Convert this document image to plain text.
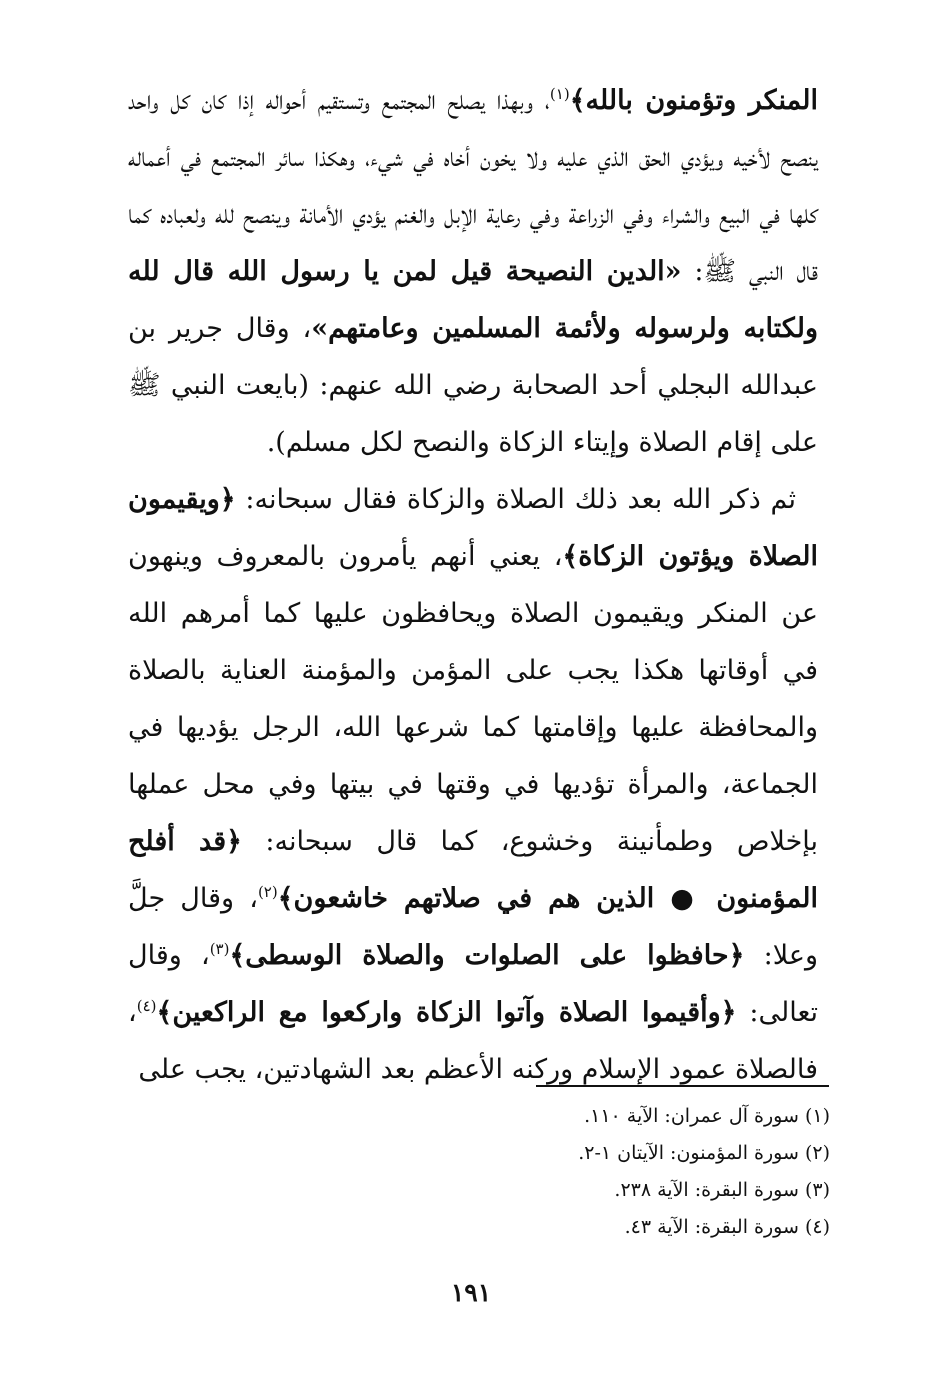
المنكر وتؤمنون بالله﴾$^{(١)}$، وبهذا يصلح المجتمع وتستقيم أحواله إذا كان كل واحد ينصح لأخيه ويؤدي الحق الذي عليه ولا يخون أخاه في شيء، وهكذا سائر المجتمع في أعماله كلها في البيع والشراء وفي الزراعة وفي رعاية الإبل والغنم يؤدي الأمانة وينصح لله ولعباده كما قال النبي ﷺ: «الدين النصيحة قيل لمن يا رسول الله قال لله ولكتابه ولرسوله ولأئمة المسلمين وعامتهم»، وقال جرير بن عبدالله البجلي أحد الصحابة رضي الله عنهم: (بايعت النبي ﷺ على إقام الصلاة وإيتاء الزكاة والنصح لكل مسلم).

ثم ذكر الله بعد ذلك الصلاة والزكاة فقال سبحانه: ﴿ويقيمون الصلاة ويؤتون الزكاة﴾، يعني أنهم يأمرون بالمعروف وينهون عن المنكر ويقيمون الصلاة ويحافظون عليها كما أمرهم الله في أوقاتها هكذا يجب على المؤمن والمؤمنة العناية بالصلاة والمحافظة عليها وإقامتها كما شرعها الله، الرجل يؤديها في الجماعة، والمرأة تؤديها في وقتها في بيتها وفي محل عملها بإخلاص وطمأنينة وخشوع، كما قال سبحانه: ﴿قد أفلح المؤمنون ● الذين هم في صلاتهم خاشعون﴾$^{(٢)}$، وقال جلَّ وعلا: ﴿حافظوا على الصلوات والصلاة الوسطى﴾$^{(٣)}$، وقال تعالى: ﴿وأقيموا الصلاة وآتوا الزكاة واركعوا مع الراكعين﴾$^{(٤)}$، فالصلاة عمود الإسلام وركنه الأعظم بعد الشهادتين، يجب على

(١) سورة آل عمران: الآية ١١٠.
(٢) سورة المؤمنون: الآيتان ١-٢.
(٣) سورة البقرة: الآية ٢٣٨.
(٤) سورة البقرة: الآية ٤٣.
١٩١
